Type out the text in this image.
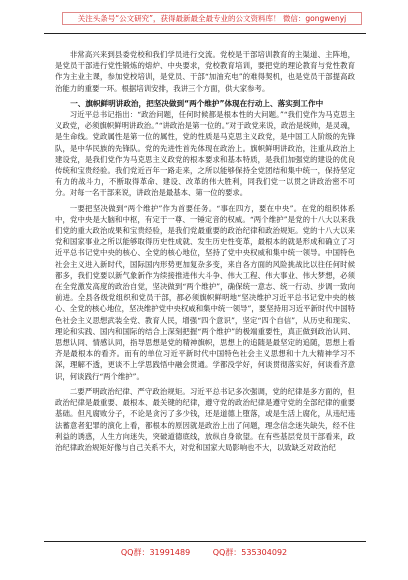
关注头条号“公文研究”，获得最新最全最专业的公文资料库！ 微信：gongwenyj

非常高兴来到县委党校和我们学员进行交流。党校是干部培训教育的主渠道、主阵地，是党员干部进行党性锻炼的熔炉、中央要求，党校教育培训，要把党的理论教育与党性教育作为主业主课，参加党校培训，是党员、干部“加油充电”的难得契机，也是党员干部提高政治能力的重要一环。根据培训安排，我讲三个方面，供大家参考。

一、旗帜鲜明讲政治，把坚决做到“两个维护”体现在行动上、落实到工作中

习近平总书记指出：“政治问题，任何时候都是根本性的大问题。”“我们党作为马克思主义政党，必须旗帜鲜明讲政治。”“讲政治是第一位的。”对于政党来说，政治是统帅，是灵魂，是生命线。党政属性是第一位的属性，党的性质是马克思主义政党，是中国工人阶级的先锋队，是中华民族的先锋队。党的先进性首先体现在政治上。旗帜鲜明讲政治，注重从政治上建设党，是我们党作为马克思主义政党的根本要求和基本特质，是我们加强党的建设的优良传统和宝贵经验。我们党近百年一路走来，之所以能够保持全党团结和集中统一，保持坚定有力的战斗力，不断取得革命、建设、改革的伟大胜利，同我们党一以贯之讲政治密不可分。对每一名干部来说，讲政治是最基本、第一位的要求。

一要把坚决做到“两个维护”作为首要任务。“事在四方，要在中央”。在党的组织体系中，党中央是大脑和中枢，有定于一尊、一锤定音的权威。“两个维护”是党的十八大以来我们党的重大政治成果和宝贵经验，是我们党最重要的政治纪律和政治规矩。党的十八大以来党和国家事业之所以能够取得历史性成就、发生历史性变革，最根本的就是形成和确立了习近平总书记党中央的核心、全党的核心地位，坚持了党中央权威和集中统一领导。中国特色社会主义进入新时代，国际国内形势更加复杂多变，来自各方面的风险挑战比以往任何时候都多，我们党要以新气象新作为续接推进伟大斗争、伟大工程、伟大事业、伟大梦想，必须在全党激发高度的政治自觉，坚决做到“两个维护”，确保统一意志、统一行动、步调一致向前进。全县各级党组织和党员干部，都必须旗帜鲜明地“坚决维护习近平总书记党中央的核心、全党的核心地位，坚决维护党中央权威和集中统一领导”，要坚持用习近平新时代中国特色社会主义思想武装全党、教育人民，增强“四个意识”，坚定“四个自信”，从历史和现实、理论和实践、国内和国际的结合上深刻把握“两个维护”的极端重要性，真正做到政治认同、思想认同、情感认同，指导思想是党的精神旗帜，思想上的追随是最坚定的追随，思想上看齐是最根本的看齐。而有的单位习近平新时代中国特色社会主义思想和十九大精神学习不深，理解不透，更谈不上学思践悟中融会贯通。学都没学好，何谈贯彻落实好，何谈看齐意识，何谈践行“两个维护”。

二要严明政治纪律、严守政治规矩。习近平总书记多次强调，党的纪律是多方面的，但政治纪律是最重要、最根本、最关键的纪律，遵守党的政治纪律是遵守党的全部纪律的重要基础。但凡腐败分子，不论是贪污了多少钱，还是道德上堕落，或是生活上腐化，从违纪违法蓄意者犯罪的演化上看，都根本的原因就是政治上出了问题，理念信念迷失缺失，经不住利益的诱惑，人生方向迷失，突破道德底线，放纵自身欲望。在有些基层党员干部看来，政治纪律政治规矩好像与自己关系不大，对党和国家大局影响也不大，以致缺乏对政治纪

QQ群：31991489	QQ群：535304092
